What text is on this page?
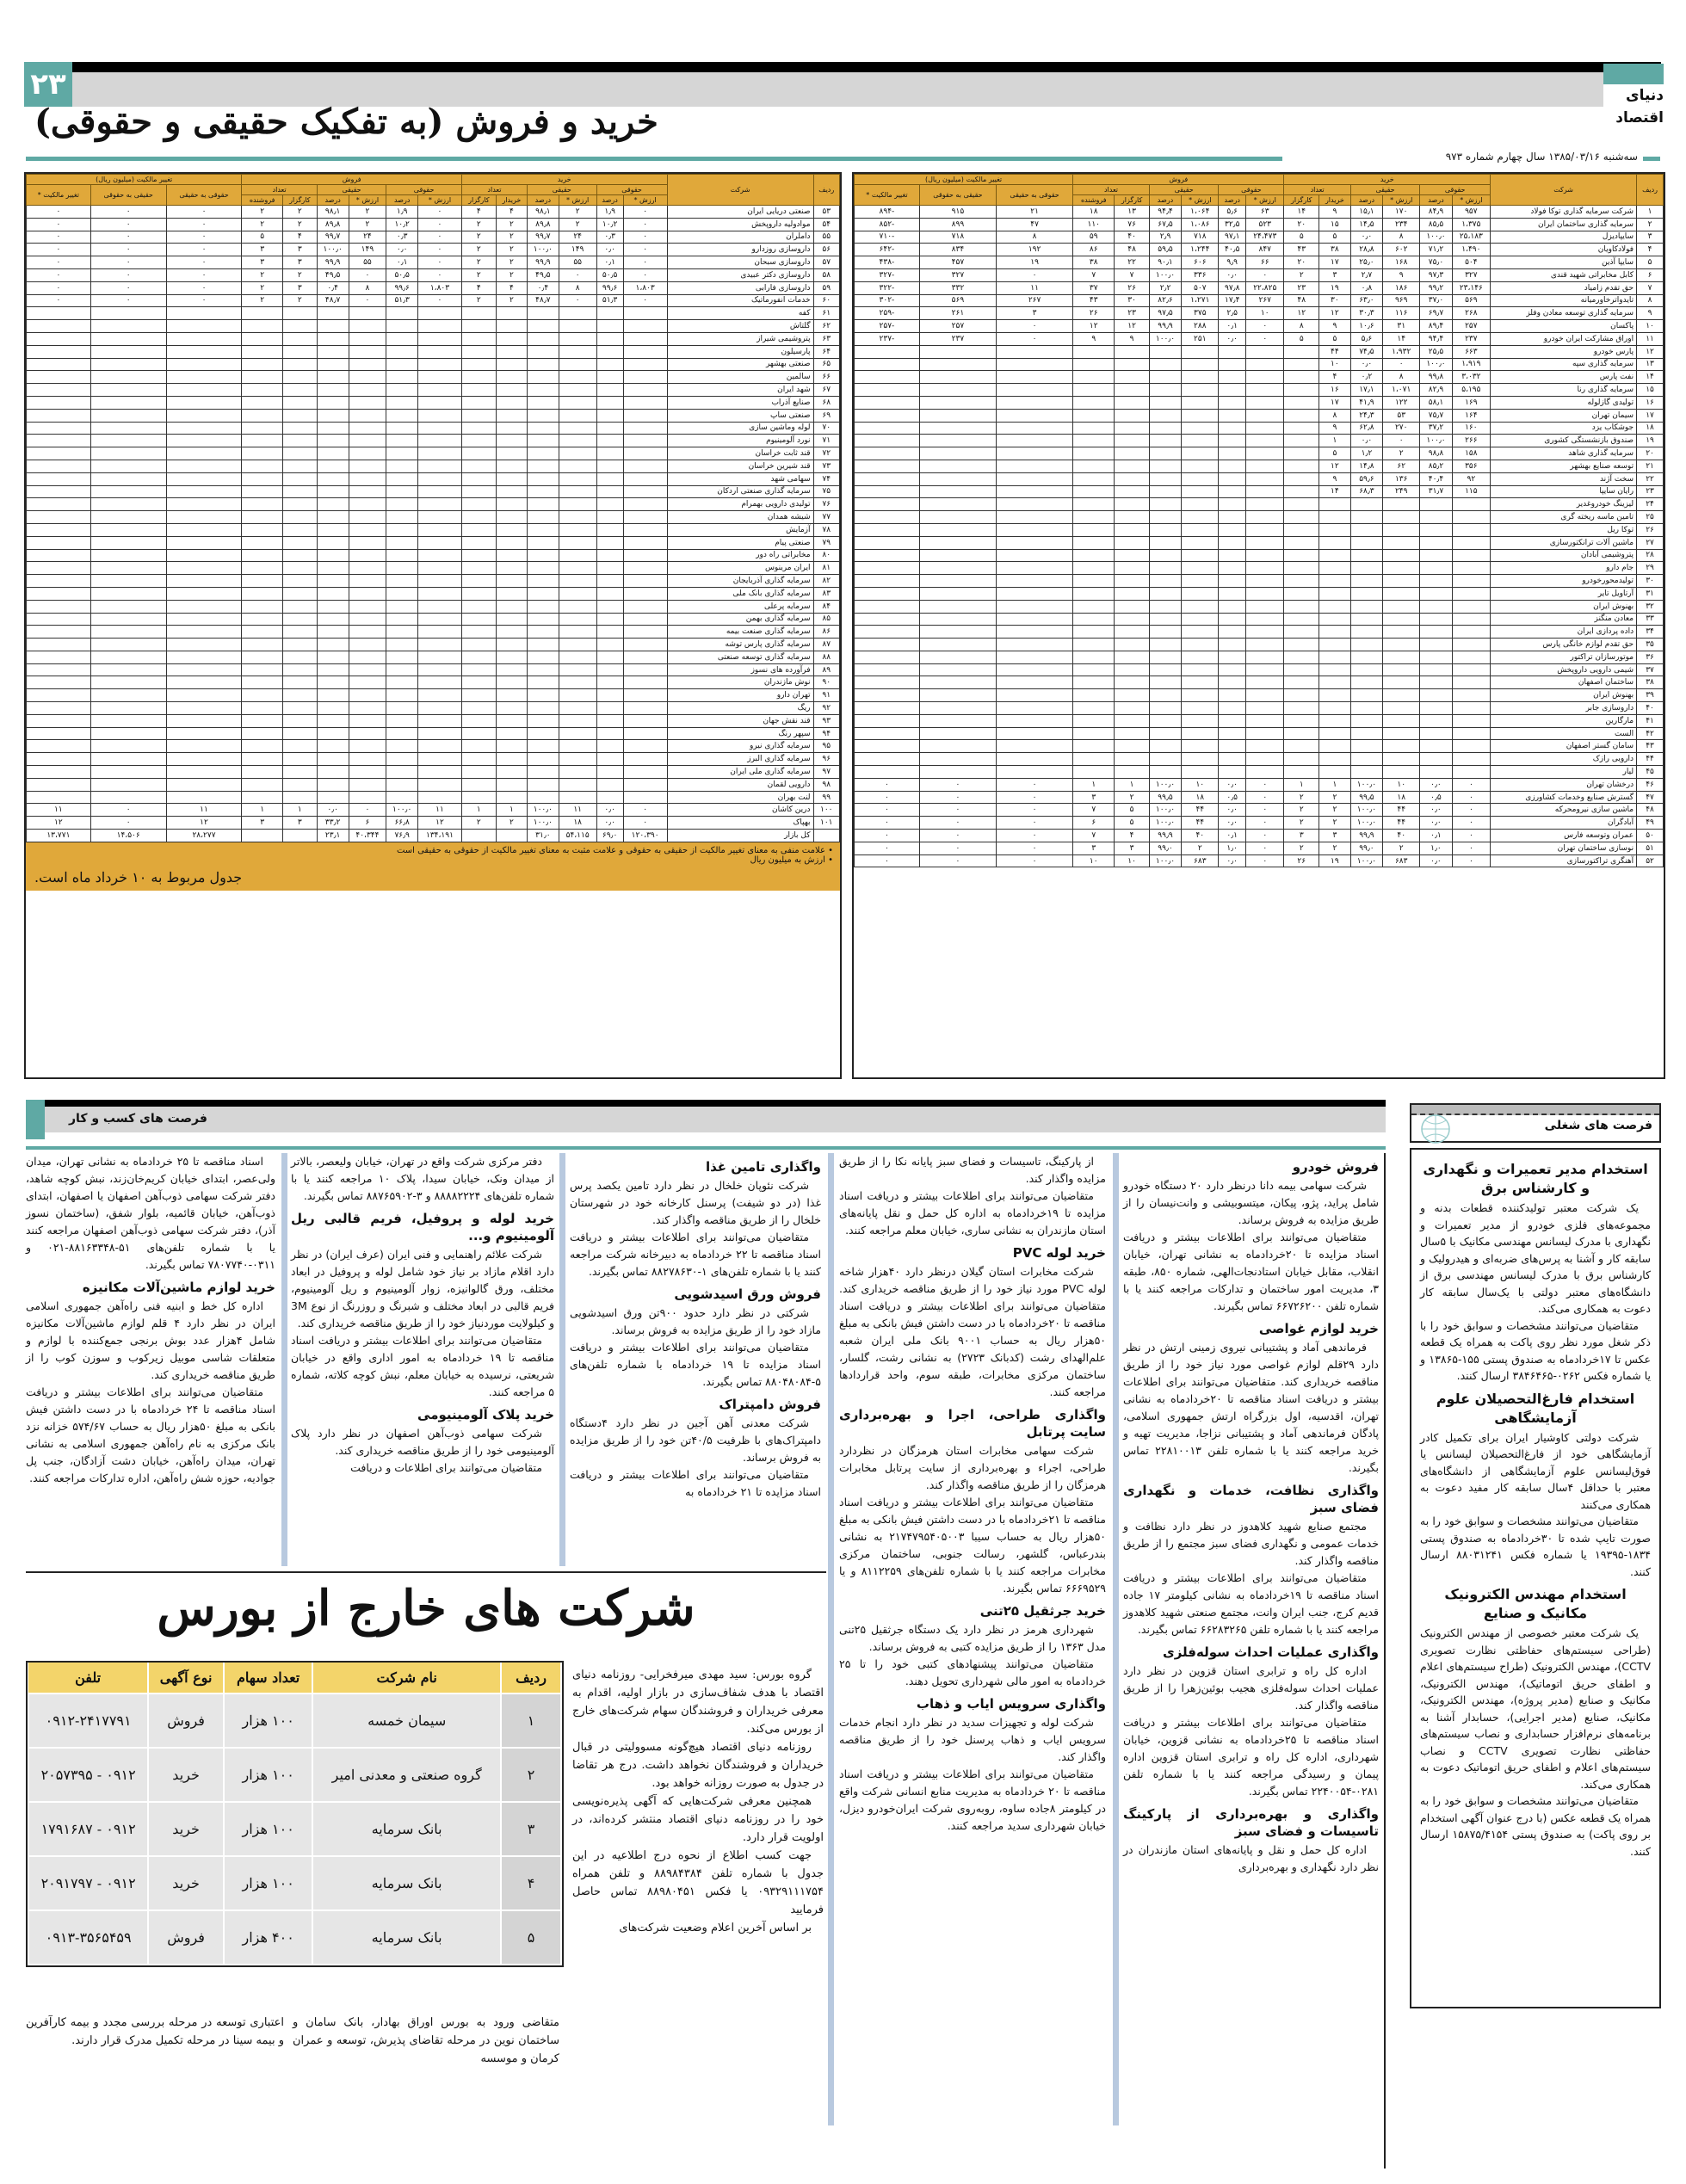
۲۳	دنیای اقتصاد
خرید و فروش (به تفکیک حقیقی و حقوقی)
سه‌شنبه ۱۳۸۵/۰۳/۱۶ سال چهارم شماره ۹۷۳
ردیف	شرکت	خرید						فروش						تغییر مالکیت (میلیون ریال)		
		حقوقی		حقیقی		تعداد		حقوقی		حقیقی		تعداد		حقوقی به حقیقی	حقیقی به حقوقی	تغییر مالکیت *
		ارزش *	درصد	ارزش *	درصد	خریدار	کارگزار	ارزش *	درصد	ارزش *	درصد	کارگزار	فروشنده			
۱	شرکت سرمایه گذاری توکا فولاد	۹۵۷	۸۴٫۹	۱۷۰	۱۵٫۱	۹	۱۴	۶۳	۵٫۶	۱،۰۶۴	۹۴٫۴	۱۳	۱۸	۲۱	۹۱۵	-۸۹۴
۲	سرمایه گذاری ساختمان ایران	۱،۳۷۵	۸۵٫۵	۲۳۴	۱۴٫۵	۱۵	۲۰	۵۲۳	۳۲٫۵	۱،۰۸۶	۶۷٫۵	۷۶	۱۱۰	۴۷	۸۹۹	-۸۵۲
۳	سایپادیزل	۲۵،۱۸۳	۱۰۰٫۰	۸	۰٫۰	۵	۵	۲۴،۴۷۳	۹۷٫۱	۷۱۸	۲٫۹	۴۰	۵۹	۸	۷۱۸	-۷۱۰
۴	فولادکاویان	۱،۴۹۰	۷۱٫۲	۶۰۲	۲۸٫۸	۳۸	۴۳	۸۴۷	۴۰٫۵	۱،۲۴۴	۵۹٫۵	۴۸	۸۶	۱۹۲	۸۳۴	-۶۴۲
۵	سایپا آذین	۵۰۴	۷۵٫۰	۱۶۸	۲۵٫۰	۱۷	۲۰	۶۶	۹٫۹	۶۰۶	۹۰٫۱	۲۲	۳۸	۱۹	۴۵۷	-۴۳۸
۶	کابل مخابراتی شهید قندی	۳۲۷	۹۷٫۳	۹	۲٫۷	۳	۲	۰	۰٫۰	۳۳۶	۱۰۰٫۰	۷	۷	۰	۳۲۷	-۳۲۷
۷	حق تقدم زامیاد	۲۳،۱۴۶	۹۹٫۲	۱۸۶	۰٫۸	۱۹	۲۳	۲۲،۸۲۵	۹۷٫۸	۵۰۷	۲٫۲	۲۶	۳۷	۱۱	۳۳۲	-۳۲۲
۸	تایدواترخاورمیانه	۵۶۹	۳۷٫۰	۹۶۹	۶۳٫۰	۳۰	۴۸	۲۶۷	۱۷٫۴	۱،۲۷۱	۸۲٫۶	۳۰	۴۳	۲۶۷	۵۶۹	-۳۰۲
۹	سرمایه گذاری توسعه معادن وفلز	۲۶۸	۶۹٫۷	۱۱۶	۳۰٫۳	۱۲	۱۲	۱۰	۲٫۵	۳۷۵	۹۷٫۵	۲۳	۲۶	۳	۲۶۱	-۲۵۹
۱۰	پاکسان	۲۵۷	۸۹٫۴	۳۱	۱۰٫۶	۹	۸	۰	۰٫۱	۲۸۸	۹۹٫۹	۱۲	۱۲	۰	۲۵۷	-۲۵۷
۱۱	اوراق مشارکت ایران خودرو	۲۳۷	۹۴٫۴	۱۴	۵٫۶	۵	۵	۰	۰٫۰	۲۵۱	۱۰۰٫۰	۹	۹	۰	۲۳۷	-۲۳۷
۱۲	پارس خودرو	۶۶۳	۲۵٫۵	۱،۹۳۲	۷۴٫۵	۴۴										
۱۳	سرمایه گذاری سپه	۱،۹۱۹	۱۰۰٫۰	۰	۰٫۰	۱۰										
۱۴	نفت پارس	۳،۰۳۲	۹۹٫۸	۸	۰٫۲	۴										
۱۵	سرمایه گذاری رنا	۵،۱۹۵	۸۲٫۹	۱،۰۷۱	۱۷٫۱	۱۶										
۱۶	تولیدی گازلوله	۱۶۹	۵۸٫۱	۱۲۲	۴۱٫۹	۱۷										
۱۷	سیمان تهران	۱۶۴	۷۵٫۷	۵۳	۲۴٫۳	۸										
۱۸	جوشکاب یزد	۱۶۰	۳۷٫۲	۲۷۰	۶۲٫۸	۹										
۱۹	صندوق بازنشستگی کشوری	۲۶۶	۱۰۰٫۰	۰	۰٫۰	۱										
۲۰	سرمایه گذاری شاهد	۱۵۸	۹۸٫۸	۲	۱٫۲	۵										
۲۱	توسعه صنایع بهشهر	۳۵۶	۸۵٫۲	۶۲	۱۴٫۸	۱۲										
۲۲	سخت آژند	۹۲	۴۰٫۴	۱۳۶	۵۹٫۶	۹										
۲۳	رایان سایپا	۱۱۵	۳۱٫۷	۲۴۹	۶۸٫۳	۱۴										
۲۴	لیزینگ خودروغدیر															
۲۵	تامین ماسه ریخته گری															
۲۶	توکا ریل															
۲۷	ماشین آلات ترانکتورسازی															
۲۸	پتروشیمی آبادان															
۲۹	جام دارو															
۳۰	تولیدمحورخودرو															
۳۱	آرتاویل تایر															
۳۲	بهنوش ایران															
۳۳	معادن منگنز															
۳۴	داده پردازی ایران															
۳۵	حق تقدم لوازم خانگی پارس															
۳۶	موتورسازان تراکتور															
۳۷	شیمی دارویی داروپخش															
۳۸	ساختمان اصفهان															
۳۹	بهنوش ایران															
۴۰	داروسازی جابر															
۴۱	مارگارین															
۴۲	الست															
۴۳	سامان گستر اصفهان															
۴۴	دارویی رازک															
۴۵	لیار															
۴۶	درخشان تهران	۰	۰٫۰	۱۰	۱۰۰٫۰	۱	۱	۰	۰٫۰	۱۰	۱۰۰٫۰	۱	۱	۰	۰	۰
۴۷	گسترش صنایع وخدمات کشاورزی	۰	۰٫۵	۱۸	۹۹٫۵	۲	۲	۰	۰٫۵	۱۸	۹۹٫۵	۲	۳	۰	۰	۰
۴۸	ماشین سازی نیرومحرکه	۰	۰٫۰	۴۴	۱۰۰٫۰	۲	۲	۰	۰٫۰	۴۴	۱۰۰٫۰	۵	۷	۰	۰	۰
۴۹	آبادگران	۰	۰٫۰	۴۴	۱۰۰٫۰	۲	۲	۰	۰٫۰	۴۴	۱۰۰٫۰	۵	۶	۰	۰	۰
۵۰	عمران وتوسعه فارس	۰	۰٫۱	۴۰	۹۹٫۹	۳	۳	۰	۰٫۱	۴۰	۹۹٫۹	۴	۷	۰	۰	۰
۵۱	نوسازی ساختمان تهران	۰	۱٫۰	۲	۹۹٫۰	۲	۲	۰	۱٫۰	۲	۹۹٫۰	۳	۳	۰	۰	۰
۵۲	آهنگری تراکتورسازی	۰	۰٫۰	۶۸۳	۱۰۰٫۰	۱۹	۲۶	۰	۰٫۰	۶۸۳	۱۰۰٫۰	۱۰	۱۰	۰	۰	۰
ردیف	شرکت	خرید						فروش						تغییر مالکیت (میلیون ریال)		
		حقوقی		حقیقی		تعداد		حقوقی		حقیقی		تعداد		حقوقی به حقیقی	حقیقی به حقوقی	تغییر مالکیت *
		ارزش *	درصد	ارزش *	درصد	خریدار	کارگزار	ارزش *	درصد	ارزش *	درصد	کارگزار	فروشنده			
۵۳	صنعتی دریایی ایران	۰	۱٫۹	۲	۹۸٫۱	۴	۴	۰	۱٫۹	۲	۹۸٫۱	۲	۲	۰	۰	۰
۵۴	موادولیه داروپخش	۰	۱۰٫۲	۲	۸۹٫۸	۲	۲	۰	۱۰٫۲	۲	۸۹٫۸	۲	۲	۰	۰	۰
۵۵	داملران	۰	۰٫۳	۲۴	۹۹٫۷	۲	۲	۰	۰٫۳	۲۴	۹۹٫۷	۴	۵	۰	۰	۰
۵۶	داروسازی روزدارو	۰	۰٫۰	۱۴۹	۱۰۰٫۰	۲	۲	۰	۰٫۰	۱۴۹	۱۰۰٫۰	۳	۳	۰	۰	۰
۵۷	داروسازی سبحان	۰	۰٫۱	۵۵	۹۹٫۹	۲	۲	۰	۰٫۱	۵۵	۹۹٫۹	۳	۳	۰	۰	۰
۵۸	داروسازی دکتر عبیدی	۰	۵۰٫۵	۰	۴۹٫۵	۲	۲	۰	۵۰٫۵	۰	۴۹٫۵	۲	۲	۰	۰	۰
۵۹	داروسازی فارابی	۱،۸۰۳	۹۹٫۶	۸	۰٫۴	۴	۴	۱،۸۰۳	۹۹٫۶	۸	۰٫۴	۳	۲	۰	۰	۰
۶۰	خدمات انفورماتیک	۰	۵۱٫۳	۰	۴۸٫۷	۲	۲	۰	۵۱٫۳	۰	۴۸٫۷	۲	۲	۰	۰	۰
۶۱	کفه															
۶۲	گلتاش															
۶۳	پتروشیمی شیراز															
۶۴	پارسیلون															
۶۵	صنعتی بهشهر															
۶۶	سالمین															
۶۷	شهد ایران															
۶۸	صنایع آذراب															
۶۹	صنعتی ساپ															
۷۰	لوله وماشین سازی															
۷۱	نورد آلومینیوم															
۷۲	قند ثابت خراسان															
۷۳	قند شیرین خراسان															
۷۴	سهامی شهد															
۷۵	سرمایه گذاری صنعتی اردکان															
۷۶	تولیدی دارویی بهمرام															
۷۷	شیشه همدان															
۷۸	آزمایش															
۷۹	صنعتی پیام															
۸۰	مخابراتی راه دور															
۸۱	ایران مرینوس															
۸۲	سرمایه گذاری آذربایجان															
۸۳	سرمایه گذاری بانک ملی															
۸۴	سرمایه پرعلی															
۸۵	سرمایه گذاری بهمن															
۸۶	سرمایه گذاری صنعت بیمه															
۸۷	سرمایه گذاری پارس توشه															
۸۸	سرمایه گذاری توسعه صنعتی															
۸۹	فرآورده های نسوز															
۹۰	نوش مازندران															
۹۱	تهران دارو															
۹۲	ریگ															
۹۳	قند نقش جهان															
۹۴	سپهر رنگ															
۹۵	سرمایه گذاری نیرو															
۹۶	سرمایه گذاری البرز															
۹۷	سرمایه گذاری ملی ایران															
۹۸	دارویی لقمان															
۹۹	لنت بهران															
۱۰۰	درین کاشان	۰	۰٫۰	۱۱	۱۰۰٫۰	۱	۱	۱۱	۱۰۰٫۰	۰	۰٫۰	۱	۱	۱۱	۰	۱۱
۱۰۱	بهپاک	۰	۰٫۰	۱۸	۱۰۰٫۰	۲	۲	۱۲	۶۶٫۸	۶	۳۳٫۲	۳	۳	۱۲	۰	۱۲
	کل بازار	۱۲۰،۳۹۰	۶۹٫۰	۵۴،۱۱۵	۳۱٫۰			۱۳۴،۱۹۱	۷۶٫۹	۴۰،۳۴۴	۲۳٫۱			۲۸،۲۷۷	۱۴،۵۰۶	۱۳،۷۷۱
• علامت منفی به معنای تغییر مالکیت از حقیقی به حقوقی و علامت مثبت به معنای تغییر مالکیت از حقوقی به حقیقی است
• ارزش به میلیون ریال
جدول مربوط به ۱۰ خرداد ماه است.
فرصت های کسب و کار
فروش خودرو

شرکت سهامی بیمه دانا درنظر دارد ۲۰ دستگاه خودرو شامل پراید، پژو، پیکان، میتسوبیشی و وانت‌نیسان را از طریق مزایده به فروش برساند.

متقاضیان می‌توانند برای اطلاعات بیشتر و دریافت اسناد مزایده تا ۲۰خردادماه به نشانی تهران، خیابان انقلاب، مقابل خیابان استادنجات‌الهی، شماره ۸۵۰، طبقه ۳، مدیریت امور ساختمان و تدارکات مراجعه کنند یا با شماره تلفن ۶۶۷۲۶۲۰۰ تماس بگیرند.

خرید لوازم غواصی

فرماندهی آماد و پشتیبانی نیروی زمینی ارتش در نظر دارد ۲۹قلم لوازم غواصی مورد نیاز خود را از طریق مناقصه خریداری کند. متقاضیان می‌توانند برای اطلاعات بیشتر و دریافت اسناد مناقصه تا ۲۰خردادماه به نشانی تهران، اقدسیه، اول بزرگراه ارتش جمهوری اسلامی، پادگان فرماندهی آماد و پشتیبانی نزاجا، مدیریت تهیه و خرید مراجعه کنند یا با شماره تلفن ۲۲۸۱۰۰۱۳ تماس بگیرند.

واگذاری نظافت، خدمات و نگهداری فضای سبز

مجتمع صنایع شهید کلاهدوز در نظر دارد نظافت و خدمات عمومی و نگهداری فضای سبز مجتمع را از طریق مناقصه واگذار کند.

متقاضیان می‌توانند برای اطلاعات بیشتر و دریافت اسناد مناقصه تا ۱۹خردادماه به نشانی کیلومتر ۱۷ جاده قدیم کرج، جنب ایران وانت، مجتمع صنعتی شهید کلاهدوز مراجعه کنند یا با شماره تلفن ۶۶۲۸۳۲۶۵ تماس بگیرند.

واگذاری عملیات احداث سوله‌فلزی

اداره کل راه و ترابری استان قزوین در نظر دارد عملیات احداث سوله‌فلزی هجیب بوئین‌زهرا را از طریق مناقصه واگذار کند.

متقاضیان می‌توانند برای اطلاعات بیشتر و دریافت اسناد مناقصه تا ۲۵خردادماه به نشانی قزوین، خیابان شهرداری، اداره کل راه و ترابری استان قزوین اداره پیمان و رسیدگی مراجعه کنند یا با شماره تلفن ۰۲۸۱-۲۲۴۰۰۵۴ تماس بگیرند.

واگذاری و بهره‌برداری از پارکینگ تاسیسات و فضای سبز

اداره کل حمل و نقل و پایانه‌های استان مازندران در نظر دارد نگهداری و بهره‌برداری

از پارکینگ، تاسیسات و فضای سبز پایانه نکا را از طریق مزایده واگذار کند.

متقاضیان می‌توانند برای اطلاعات بیشتر و دریافت اسناد مزایده تا ۱۹خردادماه به اداره کل حمل و نقل پایانه‌های استان مازندران به نشانی ساری، خیابان معلم مراجعه کنند.

خرید لوله PVC

شرکت مخابرات استان گیلان درنظر دارد ۴۰هزار شاخه لوله PVC مورد نیاز خود را از طریق مناقصه خریداری کند. متقاضیان می‌توانند برای اطلاعات بیشتر و دریافت اسناد مناقصه تا ۲۰خردادماه با در دست داشتن فیش بانکی به مبلغ ۵۰هزار ریال به حساب ۹۰۰۱ بانک ملی ایران شعبه علم‌الهدای رشت (کدبانک ۲۷۲۳) به نشانی رشت، گلسار، ساختمان مرکزی مخابرات، طبقه سوم، واحد قراردادها مراجعه کنند.

واگذاری طراحی، اجرا و بهره‌برداری سایت پرتابل

شرکت سهامی مخابرات استان هرمزگان در نظردارد طراحی، اجراء و بهره‌برداری از سایت پرتابل مخابرات هرمزگان را از طریق مناقصه واگذار کند.

متقاضیان می‌توانند برای اطلاعات بیشتر و دریافت اسناد مناقصه تا ۲۱خردادماه با در دست داشتن فیش بانکی به مبلغ ۵۰هزار ریال به حساب سیبا ۲۱۷۴۷۹۵۴۰۵۰۰۳ به نشانی بندرعباس، گلشهر، رسالت جنوبی، ساختمان مرکزی مخابرات مراجعه کنند یا با شماره تلفن‌های ۸۱۱۲۲۵۹ و یا ۶۶۶۹۵۲۹ تماس بگیرند.

خرید جرثقیل ۲۵تنی

شهرداری هرمز در نظر دارد یک دستگاه جرثقیل ۲۵تنی مدل ۱۳۶۳ را از طریق مزایده کتبی به فروش برساند.

متقاضیان می‌توانند پیشنهادهای کتبی خود را تا ۲۵ خردادماه به امور مالی شهرداری تحویل دهند.

واگذاری سرویس ایاب و ذهاب

شرکت لوله و تجهیزات سدید در نظر دارد انجام خدمات سرویس ایاب و ذهاب پرسنل خود را از طریق مناقصه واگذار کند.

متقاضیان می‌توانند برای اطلاعات بیشتر و دریافت اسناد مناقصه تا ۲۰ خردادماه به مدیریت منابع انسانی شرکت واقع در کیلومتر ۸جاده ساوه، روبه‌روی شرکت ایران‌خودرو دیزل، خیابان شهرداری سدید مراجعه کنند.

واگذاری تامین غذا

شرکت نئوپان خلخال در نظر دارد تامین یکصد پرس غذا (در دو شیفت) پرسنل کارخانه خود در شهرستان خلخال را از طریق مناقصه واگذار کند.

متقاضیان می‌توانند برای اطلاعات بیشتر و دریافت اسناد مناقصه تا ۲۲ خردادماه به دبیرخانه شرکت مراجعه کنند یا با شماره تلفن‌های ۱-۸۸۲۷۸۶۳۰ تماس بگیرند.

فروش ورق اسیدشویی

شرکتی در نظر دارد حدود ۹۰۰تن ورق اسیدشویی مازاد خود را از طریق مزایده به فروش برساند.

متقاضیان می‌توانند برای اطلاعات بیشتر و دریافت اسناد مزایده تا ۱۹ خردادماه با شماره تلفن‌های ۵-۸۸۰۴۸۰۸۴ تماس بگیرند.

فروش دامپتراک

شرکت معدنی آهن آجین در نظر دارد ۴دستگاه دامپتراک‌های با ظرفیت ۴۰/۵تن خود را از طریق مزایده به فروش برساند.

متقاضیان می‌توانند برای اطلاعات بیشتر و دریافت اسناد مزایده تا ۲۱ خردادماه به

دفتر مرکزی شرکت واقع در تهران، خیابان ولیعصر، بالاتر از میدان ونک، خیابان سیدا، پلاک ۱۰ مراجعه کنند یا با شماره تلفن‌های ۸۸۸۸۲۲۲۴ و ۳-۸۸۷۶۵۹۰۲ تماس بگیرند.

خرید لوله و پروفیل، فریم قالبی ریل آلومینیوم و...

شرکت علائم راهنمایی و فنی ایران (عرف ایران) در نظر دارد اقلام مازاد بر نیاز خود شامل لوله و پروفیل در ابعاد مختلف، ورق گالوانیزه، زوار آلومینیوم و ریل آلومینیوم، فریم قالبی در ابعاد مختلف و شبرنگ و روزرنگ از نوع 3M و کیلولایت موردنیاز خود را از طریق مناقصه خریداری کند.

متقاضیان می‌توانند برای اطلاعات بیشتر و دریافت اسناد مناقصه تا ۱۹ خردادماه به امور اداری واقع در خیابان شریعتی، نرسیده به خیابان معلم، نبش کوچه کلاته، شماره ۵ مراجعه کنند.

خرید پلاک آلومینیومی

شرکت سهامی ذوب‌آهن اصفهان در نظر دارد پلاک آلومینیومی خود را از طریق مناقصه خریداری کند.

متقاضیان می‌توانند برای اطلاعات و دریافت

اسناد مناقصه تا ۲۵ خردادماه به نشانی تهران، میدان ولی‌عصر، ابتدای خیابان کریم‌خان‌زند، نبش کوچه شاهد، دفتر شرکت سهامی ذوب‌آهن اصفهان یا اصفهان، ابتدای ذوب‌آهن، خیابان قائمیه، بلوار شفق، (ساختمان نسوز آذر)، دفتر شرکت سهامی ذوب‌آهن اصفهان مراجعه کنند یا با شماره تلفن‌های ۵۱-۸۸۱۶۳۳۴۸-۰۲۱ و ۰۳۱۱-۷۸۰۷۷۴۰ تماس بگیرند.

خرید لوازم ماشین‌آلات مکانیزه

اداره کل خط و ابنیه فنی راه‌آهن جمهوری اسلامی ایران در نظر دارد ۴ قلم لوازم ماشین‌آلات مکانیزه شامل ۴هزار عدد بوش برنجی جمع‌کننده با لوازم و متعلقات شاسی موبیل زیرکوب و سوزن کوب را از طریق مناقصه خریداری کند.

متقاضیان می‌توانند برای اطلاعات بیشتر و دریافت اسناد مناقصه تا ۲۴ خردادماه با در دست داشتن فیش بانکی به مبلغ ۵۰هزار ریال به حساب ۵۷۴/۶۷ خزانه نزد بانک مرکزی به نام راه‌آهن جمهوری اسلامی به نشانی تهران، میدان راه‌آهن، خیابان دشت آزادگان، جنب پل جوادیه، حوزه شش راه‌آهن، اداره تدارکات مراجعه کنند.

شرکت های خارج از بورس
ردیف	نام شرکت	تعداد سهام	نوع آگهی	تلفن
۱	سیمان خمسه	۱۰۰ هزار	فروش	۰۹۱۲-۲۴۱۷۷۹۱
۲	گروه صنعتی و معدنی امیر	۱۰۰ هزار	خرید	۰۹۱۲ - ۲۰۵۷۳۹۵
۳	بانک سرمایه	۱۰۰ هزار	خرید	۰۹۱۲ - ۱۷۹۱۶۸۷
۴	بانک سرمایه	۱۰۰ هزار	خرید	۰۹۱۲ - ۲۰۹۱۷۹۷
۵	بانک سرمایه	۴۰۰ هزار	فروش	۰۹۱۳-۳۵۶۵۴۵۹

گروه بورس: سید مهدی میرفخرایی- روزنامه دنیای اقتصاد با هدف شفاف‌سازی در بازار اولیه، اقدام به معرفی خریداران و فروشندگان سهام شرکت‌های خارج از بورس می‌کند.

روزنامه دنیای اقتصاد هیچ‌گونه مسوولیتی در قبال خریداران و فروشندگان نخواهد داشت. درج هر تقاضا در جدول به صورت روزانه خواهد بود.

همچنین معرفی شرکت‌هایی که آگهی پذیره‌نویسی خود را در روزنامه دنیای اقتصاد منتشر کرده‌اند، در اولویت قرار دارد.

جهت کسب اطلاع از نحوه درج اطلاعیه در این جدول با شماره تلفن ۸۸۹۸۴۳۸۴ و تلفن همراه ۰۹۳۲۹۱۱۱۷۵۴ یا فکس ۸۸۹۸۰۴۵۱ تماس حاصل فرمایید

بر اساس آخرین اعلام وضعیت شرکت‌های

متقاضی ورود به بورس اوراق بهادار، بانک سامان و ساختمان نوین در مرحله تقاضای پذیرش، توسعه و عمران کرمان و موسسه
اعتباری توسعه در مرحله بررسی مجدد و بیمه کارآفرین و بیمه سینا در مرحله تکمیل مدرک قرار دارند.
فرصت های شغلی
استخدام مدیر تعمیرات و نگهداری و کارشناس برق

یک شرکت معتبر تولیدکننده قطعات بدنه و مجموعه‌های فلزی خودرو از مدیر تعمیرات و نگهداری با مدرک لیسانس مهندسی مکانیک با ۵سال سابقه کار و آشنا به پرس‌های ضربه‌ای و هیدرولیک و کارشناس برق با مدرک لیسانس مهندسی برق از دانشگاه‌های معتبر دولتی با یک‌سال سابقه کار دعوت به همکاری می‌کند.

متقاضیان می‌توانند مشخصات و سوابق خود را با ذکر شغل مورد نظر روی پاکت به همراه یک قطعه عکس تا ۱۷خردادماه به صندوق پستی ۱۵۵-۱۳۸۶۵ و یا شماره فکس ۰۲۶۲-۳۸۴۶۴۶۵ ارسال کنند.

استخدام فارغ‌التحصیلان علوم آزمایشگاهی

شرکت دولتی کاوشیار ایران برای تکمیل کادر آزمایشگاهی خود از فارغ‌التحصیلان لیسانس یا فوق‌لیسانس علوم آزمایشگاهی از دانشگاه‌های معتبر با حداقل ۴سال سابقه کار مفید دعوت به همکاری می‌کنند

متقاضیان می‌توانند مشخصات و سوابق خود را به صورت تایپ شده تا ۳۰خردادماه به صندوق پستی ۱۸۳۴-۱۹۳۹۵ یا شماره فکس ۸۸۰۳۱۲۴۱ ارسال کنند.

استخدام مهندس الکترونیک مکانیک و صنایع

یک شرکت معتبر خصوصی از مهندس الکترونیک (طراحی سیستم‌های حفاظتی نظارت تصویری CCTV)، مهندس الکترونیک (طراح سیستم‌های اعلام و اطفای حریق اتوماتیک)، مهندس الکترونیک، مکانیک و صنایع (مدیر پروژه)، مهندس الکترونیک، مکانیک، صنایع (مدیر اجرایی)، حسابدار آشنا به برنامه‌های نرم‌افزار حسابداری و نصاب سیستم‌های حفاظتی نظارت تصویری CCTV و نصاب سیستم‌های اعلام و اطفای حریق اتوماتیک دعوت به همکاری می‌کند.

متقاضیان می‌توانند مشخصات و سوابق خود را به همراه یک قطعه عکس (با درج عنوان آگهی استخدام بر روی پاکت) به صندوق پستی ۱۵۸۷۵/۴۱۵۴ ارسال کنند.
